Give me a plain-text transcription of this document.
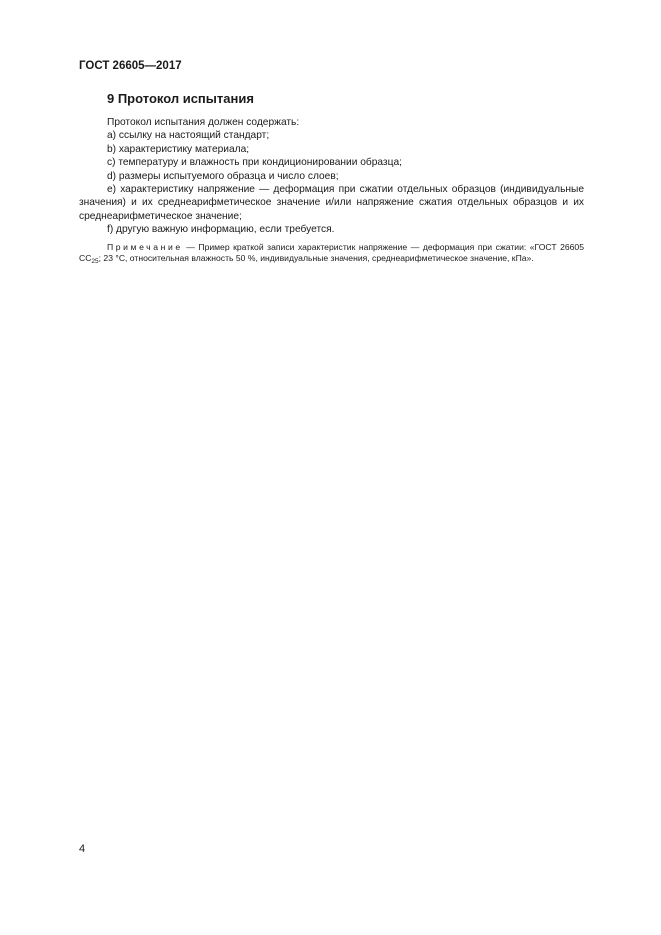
ГОСТ 26605—2017
9 Протокол испытания

Протокол испытания должен содержать:

а) ссылку на настоящий стандарт;

b) характеристику материала;

с) температуру и влажность при кондиционировании образца;

d) размеры испытуемого образца и число слоев;

е) характеристику напряжение — деформация при сжатии отдельных образцов (индивидуальные значения) и их среднеарифметическое значение и/или напряжение сжатия отдельных образцов и их среднеарифметическое значение;

f) другую важную информацию, если требуется.

Примечание — Пример краткой записи характеристик напряжение — деформация при сжатии: «ГОСТ 26605 $СС_{25}$; 23 °С, относительная влажность 50 %, индивидуальные значения, среднеарифметическое значение, кПа».

4
